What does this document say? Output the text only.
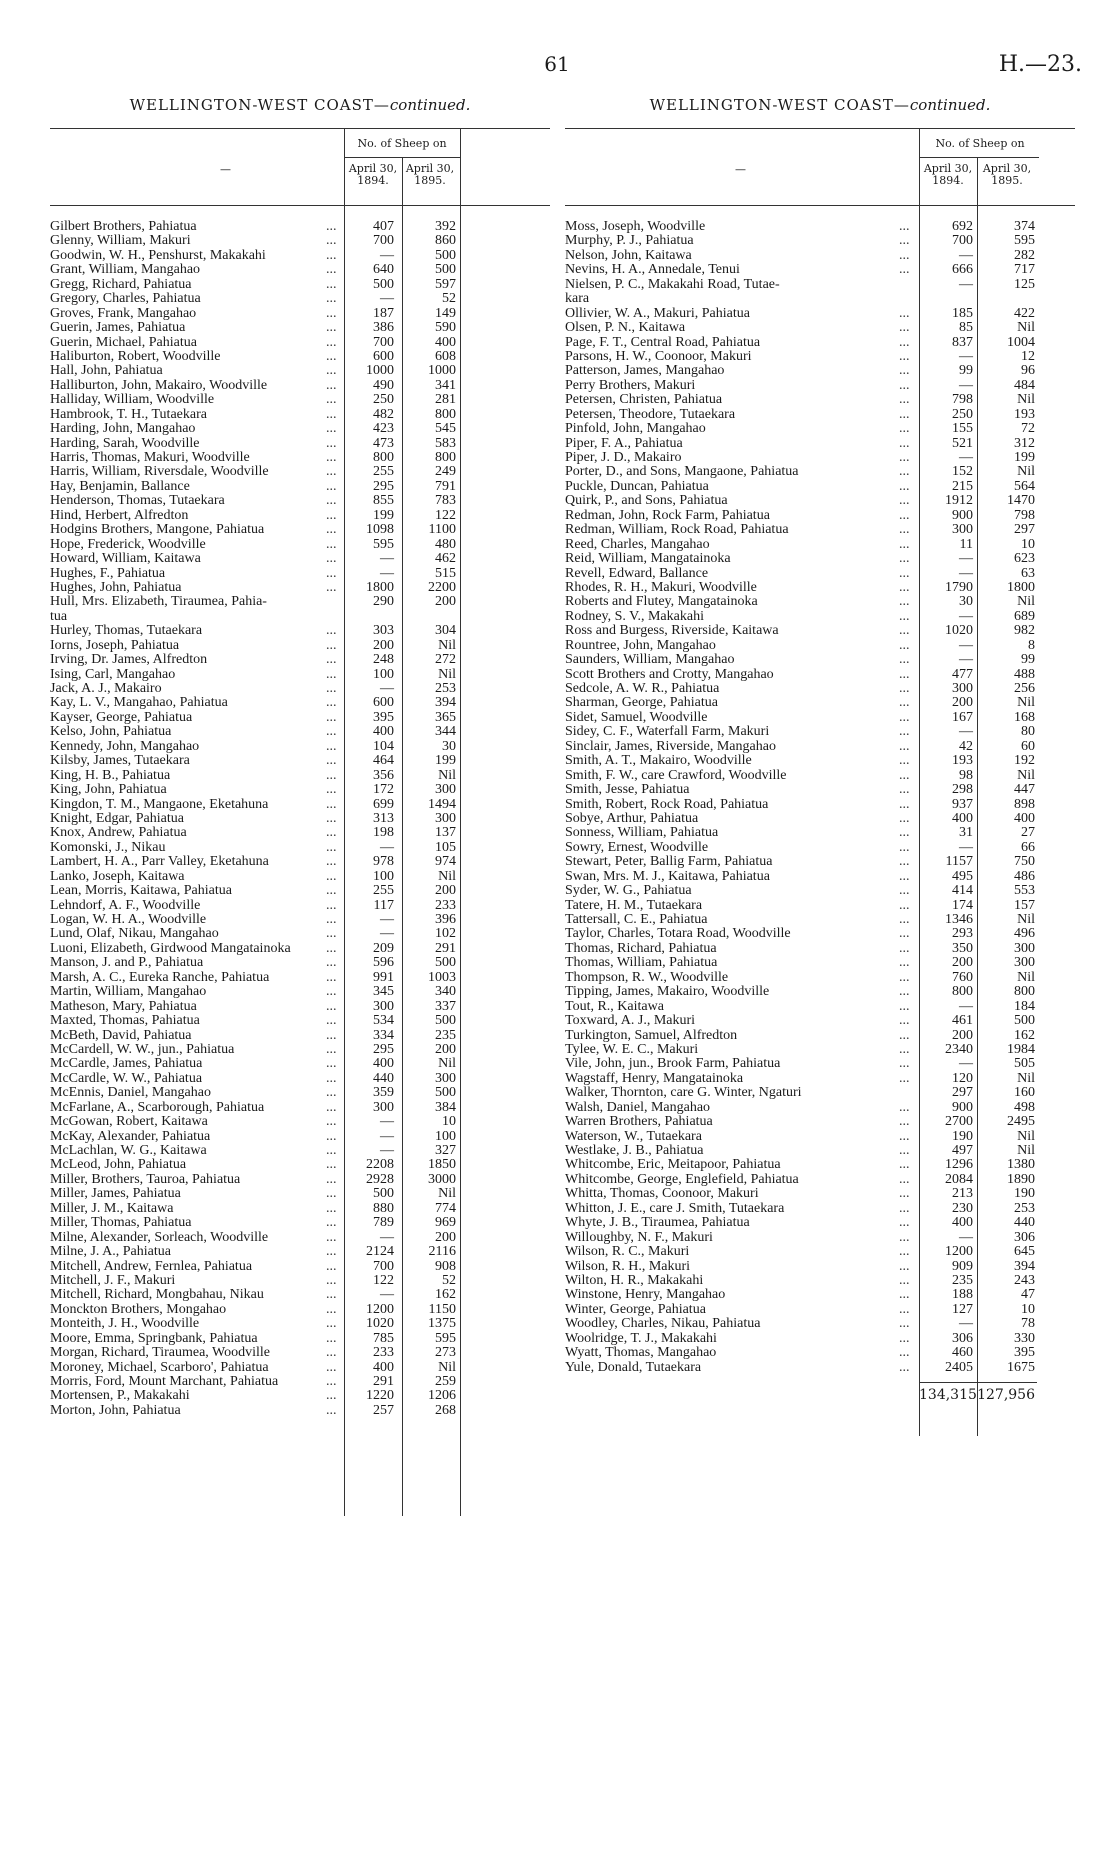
61	H.—23.
WELLINGTON-WEST COAST—continued.
—
No. of Sheep on
April 30,
1894.
April 30,
1895.
Gilbert Brothers, Pahiatua	...	407	392
Glenny, William, Makuri	...	700	860
Goodwin, W. H., Penshurst, Makakahi	...	—	500
Grant, William, Mangahao	...	640	500
Gregg, Richard, Pahiatua	...	500	597
Gregory, Charles, Pahiatua	...	—	52
Groves, Frank, Mangahao	...	187	149
Guerin, James, Pahiatua	...	386	590
Guerin, Michael, Pahiatua	...	700	400
Haliburton, Robert, Woodville	...	600	608
Hall, John, Pahiatua	...	1000	1000
Halliburton, John, Makairo, Woodville	...	490	341
Halliday, William, Woodville	...	250	281
Hambrook, T. H., Tutaekara	...	482	800
Harding, John, Mangahao	...	423	545
Harding, Sarah, Woodville	...	473	583
Harris, Thomas, Makuri, Woodville	...	800	800
Harris, William, Riversdale, Woodville	...	255	249
Hay, Benjamin, Ballance	...	295	791
Henderson, Thomas, Tutaekara	...	855	783
Hind, Herbert, Alfredton	...	199	122
Hodgins Brothers, Mangone, Pahiatua	...	1098	1100
Hope, Frederick, Woodville	...	595	480
Howard, William, Kaitawa	...	—	462
Hughes, F., Pahiatua	...	—	515
Hughes, John, Pahiatua	...	1800	2200
Hull, Mrs. Elizabeth, Tiraumea, Pahia-	290	200
tua
Hurley, Thomas, Tutaekara	...	303	304
Iorns, Joseph, Pahiatua	...	200	Nil
Irving, Dr. James, Alfredton	...	248	272
Ising, Carl, Mangahao	...	100	Nil
Jack, A. J., Makairo	...	—	253
Kay, L. V., Mangahao, Pahiatua	...	600	394
Kayser, George, Pahiatua	...	395	365
Kelso, John, Pahiatua	...	400	344
Kennedy, John, Mangahao	...	104	30
Kilsby, James, Tutaekara	...	464	199
King, H. B., Pahiatua	...	356	Nil
King, John, Pahiatua	...	172	300
Kingdon, T. M., Mangaone, Eketahuna	...	699	1494
Knight, Edgar, Pahiatua	...	313	300
Knox, Andrew, Pahiatua	...	198	137
Komonski, J., Nikau	...	—	105
Lambert, H. A., Parr Valley, Eketahuna	...	978	974
Lanko, Joseph, Kaitawa	...	100	Nil
Lean, Morris, Kaitawa, Pahiatua	...	255	200
Lehndorf, A. F., Woodville	...	117	233
Logan, W. H. A., Woodville	...	—	396
Lund, Olaf, Nikau, Mangahao	...	—	102
Luoni, Elizabeth, Girdwood Mangatainoka	...	209	291
Manson, J. and P., Pahiatua	...	596	500
Marsh, A. C., Eureka Ranche, Pahiatua	...	991	1003
Martin, William, Mangahao	...	345	340
Matheson, Mary, Pahiatua	...	300	337
Maxted, Thomas, Pahiatua	...	534	500
McBeth, David, Pahiatua	...	334	235
McCardell, W. W., jun., Pahiatua	...	295	200
McCardle, James, Pahiatua	...	400	Nil
McCardle, W. W., Pahiatua	...	440	300
McEnnis, Daniel, Mangahao	...	359	500
McFarlane, A., Scarborough, Pahiatua	...	300	384
McGowan, Robert, Kaitawa	...	—	10
McKay, Alexander, Pahiatua	...	—	100
McLachlan, W. G., Kaitawa	...	—	327
McLeod, John, Pahiatua	...	2208	1850
Miller, Brothers, Tauroa, Pahiatua	...	2928	3000
Miller, James, Pahiatua	...	500	Nil
Miller, J. M., Kaitawa	...	880	774
Miller, Thomas, Pahiatua	...	789	969
Milne, Alexander, Sorleach, Woodville	...	—	200
Milne, J. A., Pahiatua	...	2124	2116
Mitchell, Andrew, Fernlea, Pahiatua	...	700	908
Mitchell, J. F., Makuri	...	122	52
Mitchell, Richard, Mongbahau, Nikau	...	—	162
Monckton Brothers, Mongahao	...	1200	1150
Monteith, J. H., Woodville	...	1020	1375
Moore, Emma, Springbank, Pahiatua	...	785	595
Morgan, Richard, Tiraumea, Woodville	...	233	273
Moroney, Michael, Scarboro', Pahiatua	...	400	Nil
Morris, Ford, Mount Marchant, Pahiatua	...	291	259
Mortensen, P., Makakahi	...	1220	1206
Morton, John, Pahiatua	...	257	268
WELLINGTON-WEST COAST—continued.
—
No. of Sheep on
April 30,
1894.
April 30,
1895.
Moss, Joseph, Woodville	...	692	374
Murphy, P. J., Pahiatua	...	700	595
Nelson, John, Kaitawa	...	—	282
Nevins, H. A., Annedale, Tenui	...	666	717
Nielsen, P. C., Makakahi Road, Tutae-	—	125
kara
Ollivier, W. A., Makuri, Pahiatua	...	185	422
Olsen, P. N., Kaitawa	...	85	Nil
Page, F. T., Central Road, Pahiatua	...	837	1004
Parsons, H. W., Coonoor, Makuri	...	—	12
Patterson, James, Mangahao	...	99	96
Perry Brothers, Makuri	...	—	484
Petersen, Christen, Pahiatua	...	798	Nil
Petersen, Theodore, Tutaekara	...	250	193
Pinfold, John, Mangahao	...	155	72
Piper, F. A., Pahiatua	...	521	312
Piper, J. D., Makairo	...	—	199
Porter, D., and Sons, Mangaone, Pahiatua	...	152	Nil
Puckle, Duncan, Pahiatua	...	215	564
Quirk, P., and Sons, Pahiatua	...	1912	1470
Redman, John, Rock Farm, Pahiatua	...	900	798
Redman, William, Rock Road, Pahiatua	...	300	297
Reed, Charles, Mangahao	...	11	10
Reid, William, Mangatainoka	...	—	623
Revell, Edward, Ballance	...	—	63
Rhodes, R. H., Makuri, Woodville	...	1790	1800
Roberts and Flutey, Mangatainoka	...	30	Nil
Rodney, S. V., Makakahi	...	—	689
Ross and Burgess, Riverside, Kaitawa	...	1020	982
Rountree, John, Mangahao	...	—	8
Saunders, William, Mangahao	...	—	99
Scott Brothers and Crotty, Mangahao	...	477	488
Sedcole, A. W. R., Pahiatua	...	300	256
Sharman, George, Pahiatua	...	200	Nil
Sidet, Samuel, Woodville	...	167	168
Sidey, C. F., Waterfall Farm, Makuri	...	—	80
Sinclair, James, Riverside, Mangahao	...	42	60
Smith, A. T., Makairo, Woodville	...	193	192
Smith, F. W., care Crawford, Woodville	...	98	Nil
Smith, Jesse, Pahiatua	...	298	447
Smith, Robert, Rock Road, Pahiatua	...	937	898
Sobye, Arthur, Pahiatua	...	400	400
Sonness, William, Pahiatua	...	31	27
Sowry, Ernest, Woodville	...	—	66
Stewart, Peter, Ballig Farm, Pahiatua	...	1157	750
Swan, Mrs. M. J., Kaitawa, Pahiatua	...	495	486
Syder, W. G., Pahiatua	...	414	553
Tatere, H. M., Tutaekara	...	174	157
Tattersall, C. E., Pahiatua	...	1346	Nil
Taylor, Charles, Totara Road, Woodville	...	293	496
Thomas, Richard, Pahiatua	...	350	300
Thomas, William, Pahiatua	...	200	300
Thompson, R. W., Woodville	...	760	Nil
Tipping, James, Makairo, Woodville	...	800	800
Tout, R., Kaitawa	...	—	184
Toxward, A. J., Makuri	...	461	500
Turkington, Samuel, Alfredton	...	200	162
Tylee, W. E. C., Makuri	...	2340	1984
Vile, John, jun., Brook Farm, Pahiatua	...	—	505
Wagstaff, Henry, Mangatainoka	...	120	Nil
Walker, Thornton, care G. Winter, Ngaturi	297	160
Walsh, Daniel, Mangahao	...	900	498
Warren Brothers, Pahiatua	...	2700	2495
Waterson, W., Tutaekara	...	190	Nil
Westlake, J. B., Pahiatua	...	497	Nil
Whitcombe, Eric, Meitapoor, Pahiatua	...	1296	1380
Whitcombe, George, Englefield, Pahiatua	...	2084	1890
Whitta, Thomas, Coonoor, Makuri	...	213	190
Whitton, J. E., care J. Smith, Tutaekara	...	230	253
Whyte, J. B., Tiraumea, Pahiatua	...	400	440
Willoughby, N. F., Makuri	...	—	306
Wilson, R. C., Makuri	...	1200	645
Wilson, R. H., Makuri	...	909	394
Wilton, H. R., Makakahi	...	235	243
Winstone, Henry, Mangahao	...	188	47
Winter, George, Pahiatua	...	127	10
Woodley, Charles, Nikau, Pahiatua	...	—	78
Woolridge, T. J., Makakahi	...	306	330
Wyatt, Thomas, Mangahao	...	460	395
Yule, Donald, Tutaekara	...	2405	1675
134,315 127,956
